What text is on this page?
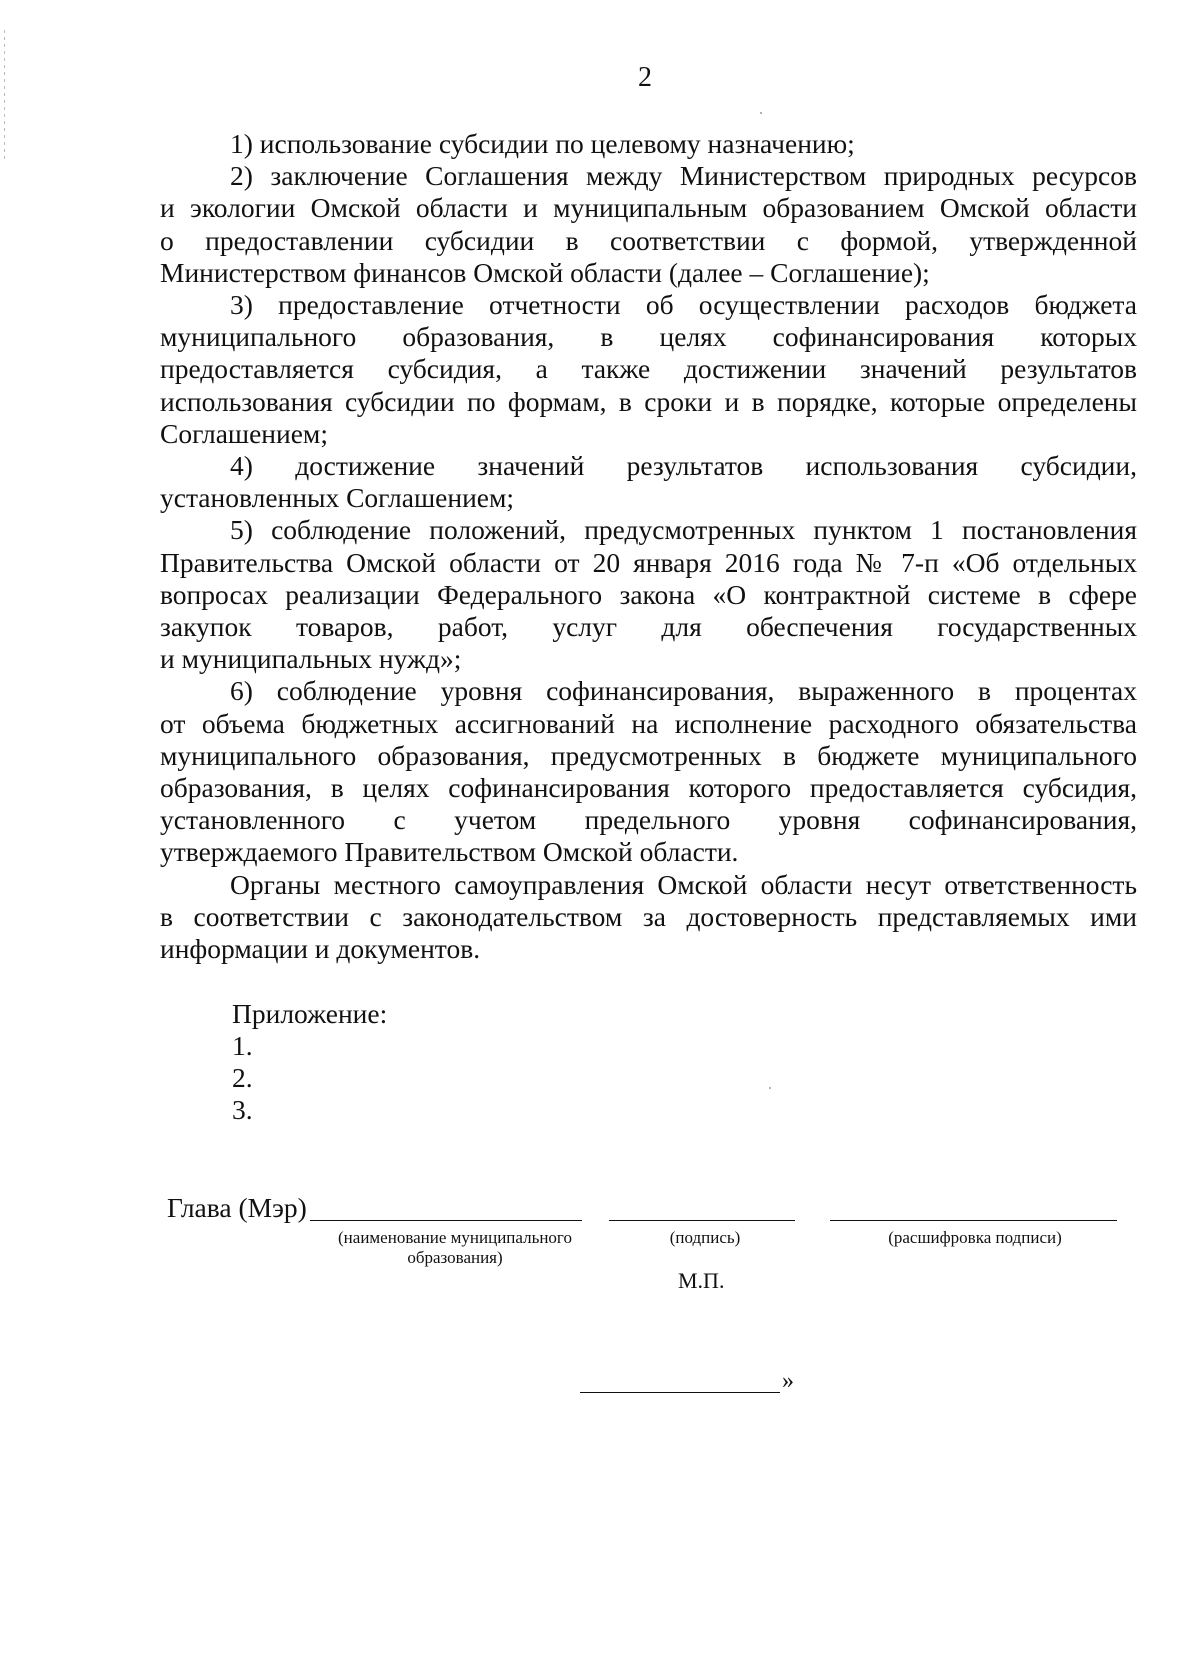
2

1) использование субсидии по целевому назначению;

2) заключение Соглашения между Министерством природных ресурсов
и экологии Омской области и муниципальным образованием Омской области
о предоставлении субсидии в соответствии с формой, утвержденной
Министерством финансов Омской области (далее – Соглашение);
3) предоставление отчетности об осуществлении расходов бюджета
муниципального образования, в целях софинансирования которых
предоставляется субсидия, а также достижении значений результатов
использования субсидии по формам, в сроки и в порядке, которые определены
Соглашением;
4) достижение значений результатов использования субсидии,
установленных Соглашением;
5) соблюдение положений, предусмотренных пунктом 1 постановления
Правительства Омской области от 20 января 2016 года № 7-п «Об отдельных
вопросах реализации Федерального закона «О контрактной системе в сфере
закупок товаров, работ, услуг для обеспечения государственных
и муниципальных нужд»;
6) соблюдение уровня софинансирования, выраженного в процентах
от объема бюджетных ассигнований на исполнение расходного обязательства
муниципального образования, предусмотренных в бюджете муниципального
образования, в целях софинансирования которого предоставляется субсидия,
установленного с учетом предельного уровня софинансирования,
утверждаемого Правительством Омской области.
Органы местного самоуправления Омской области несут ответственность
в соответствии с законодательством за достоверность представляемых ими
информации и документов.
Приложение:
1.
2.
3.
Глава (Мэр)
(наименование муниципального
образования)
(подпись)	(расшифровка подписи)
М.П.
»
